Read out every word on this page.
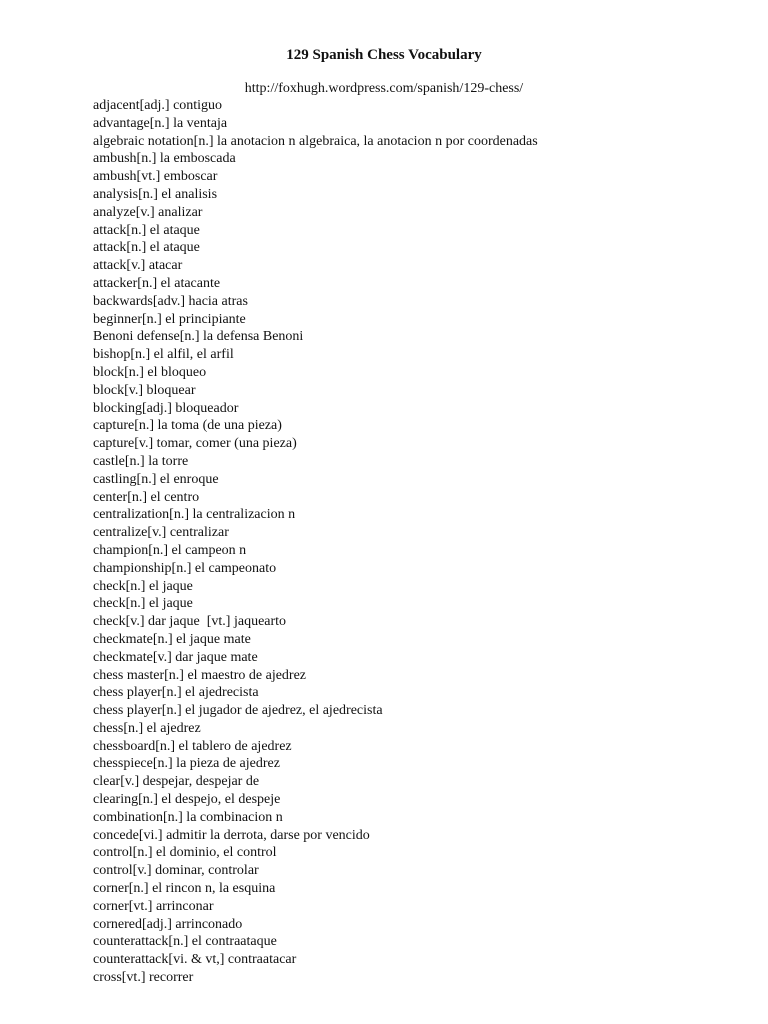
129 Spanish Chess Vocabulary
http://foxhugh.wordpress.com/spanish/129-chess/
adjacent[adj.] contiguo
advantage[n.] la ventaja
algebraic notation[n.] la anotacion n algebraica, la anotacion n por coordenadas
ambush[n.] la emboscada
ambush[vt.] emboscar
analysis[n.] el analisis
analyze[v.] analizar
attack[n.] el ataque
attack[n.] el ataque
attack[v.] atacar
attacker[n.] el atacante
backwards[adv.] hacia atras
beginner[n.] el principiante
Benoni defense[n.] la defensa Benoni
bishop[n.] el alfil, el arfil
block[n.] el bloqueo
block[v.] bloquear
blocking[adj.] bloqueador
capture[n.] la toma (de una pieza)
capture[v.] tomar, comer (una pieza)
castle[n.] la torre
castling[n.] el enroque
center[n.] el centro
centralization[n.] la centralizacion n
centralize[v.] centralizar
champion[n.] el campeon n
championship[n.] el campeonato
check[n.] el jaque
check[n.] el jaque
check[v.] dar jaque  [vt.] jaquearto
checkmate[n.] el jaque mate
checkmate[v.] dar jaque mate
chess master[n.] el maestro de ajedrez
chess player[n.] el ajedrecista
chess player[n.] el jugador de ajedrez, el ajedrecista
chess[n.] el ajedrez
chessboard[n.] el tablero de ajedrez
chesspiece[n.] la pieza de ajedrez
clear[v.] despejar, despejar de
clearing[n.] el despejo, el despeje
combination[n.] la combinacion n
concede[vi.] admitir la derrota, darse por vencido
control[n.] el dominio, el control
control[v.] dominar, controlar
corner[n.] el rincon n, la esquina
corner[vt.] arrinconar
cornered[adj.] arrinconado
counterattack[n.] el contraataque
counterattack[vi. & vt,] contraatacar
cross[vt.] recorrer
